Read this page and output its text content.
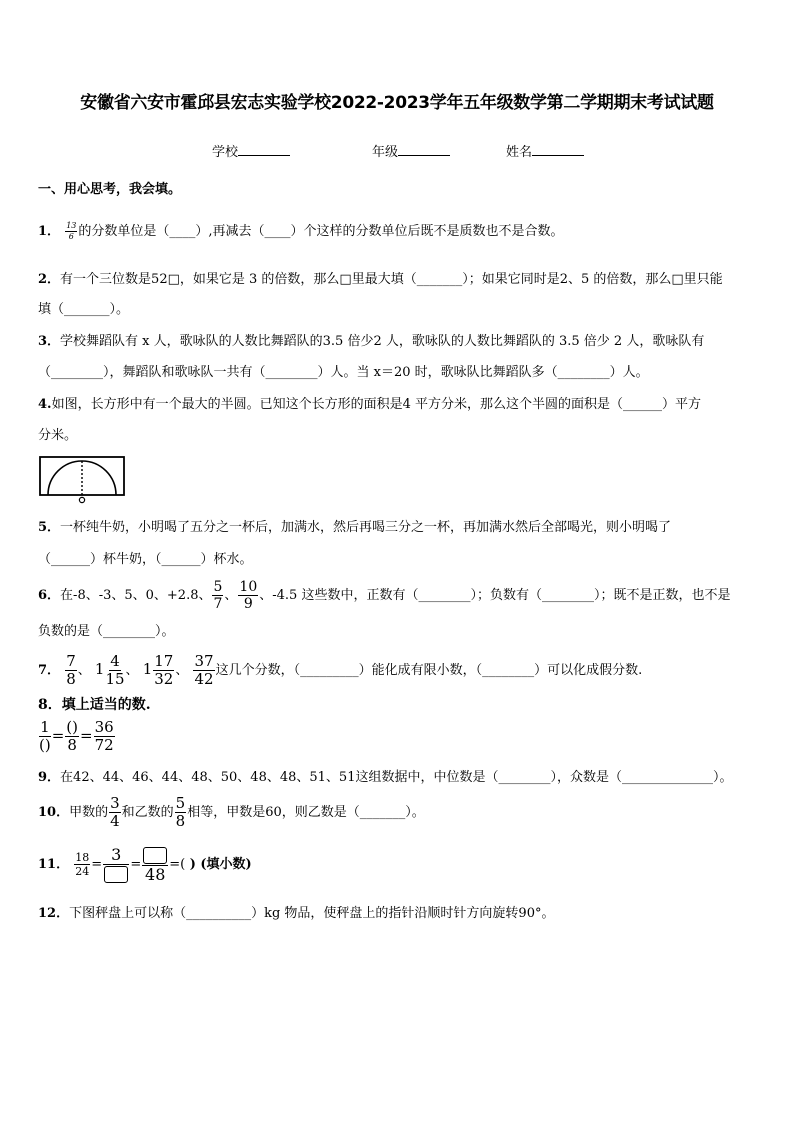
安徽省六安市霍邱县宏志实验学校2022-2023学年五年级数学第二学期期末考试试题
学校	年级	姓名
一、用心思考，我会填。
1． $\frac{13}{6}$ 的分数单位是（____）,再减去（____）个这样的分数单位后既不是质数也不是合数。
2．有一个三位数是52□，如果它是 3 的倍数，那么□里最大填（_______）；如果它同时是2、5 的倍数，那么□里只能
填（_______）。
3．学校舞蹈队有 x 人，歌咏队的人数比舞蹈队的3.5 倍少2 人，歌咏队的人数比舞蹈队的 3.5 倍少 2 人，歌咏队有
（________），舞蹈队和歌咏队一共有（________）人。当 x＝20 时，歌咏队比舞蹈队多（________）人。
4.如图，长方形中有一个最大的半圆。已知这个长方形的面积是4 平方分米，那么这个半圆的面积是（______）平方
分米。
5．一杯纯牛奶，小明喝了五分之一杯后，加满水，然后再喝三分之一杯，再加满水然后全部喝光，则小明喝了
（______）杯牛奶，（______）杯水。
6．在-8、-3、5、0、+2.8、 $\frac{5}{7}$ 、 $\frac{10}{9}$ 、-4.5 这些数中，正数有（________）；负数有（________）；既不是正数，也不是
负数的是（________）。
7． $\frac{7}{8}$ 、 $1 \frac{4}{15}$ 、 $1 \frac{17}{32}$ 、 $\frac{37}{42}$ 这几个分数，（_________）能化成有限小数，（________）可以化成假分数.
8．填上适当的数.
$\frac{1}{()} = \frac{()}{8} = \frac{36}{72}$
9．在42、44、46、44、48、50、48、48、51、51这组数据中，中位数是（________），众数是（______________）。
10．甲数的 $\frac{3}{4}$ 和乙数的 $\frac{5}{8}$ 相等，甲数是60，则乙数是（_______）。
11． $\frac{18}{24}$ =
3
= 48 =( ) (填小数)
12．下图秤盘上可以称（__________）kg 物品，使秤盘上的指针沿顺时针方向旋转90°。
